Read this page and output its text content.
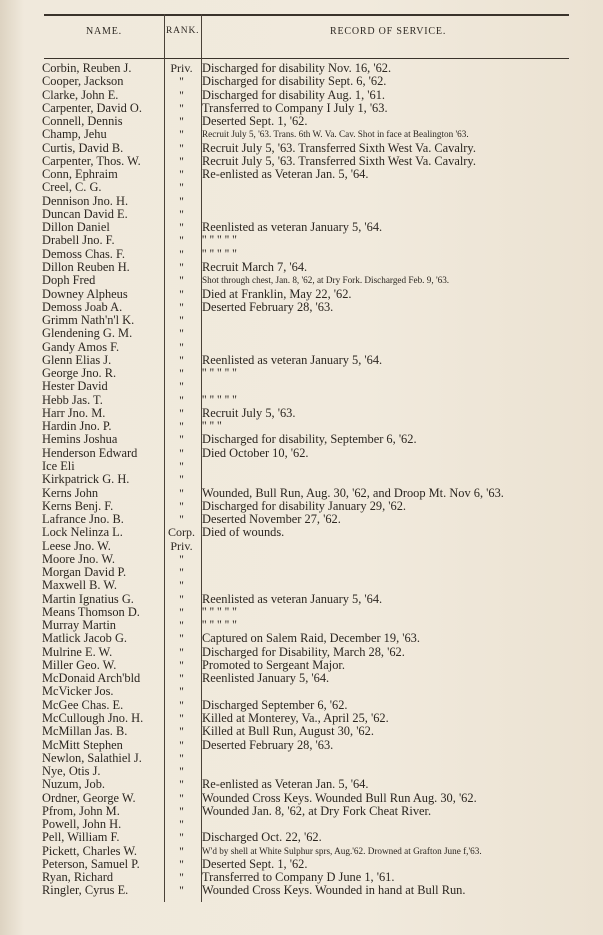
NAME.	RANK.	RECORD OF SERVICE.
Corbin, Reuben J.	Priv. Discharged for disability Nov. 16, '62.
Cooper, Jackson	''	Discharged for disability Sept. 6, '62.
Clarke, John E.	''	Discharged for disability Aug. 1, '61.
Carpenter, David O.	''	Transferred to Company I July 1, '63.
Connell, Dennis	''	Deserted Sept. 1, '62.
Champ, Jehu	''	Recruit July 5, '63. Trans. 6th W. Va. Cav. Shot in face at Bealington '63.
Curtis, David B.	''	Recruit July 5, '63. Transferred Sixth West Va. Cavalry.
Carpenter, Thos. W.	''	Recruit July 5, '63. Transferred Sixth West Va. Cavalry.
Conn, Ephraim	''	Re-enlisted as Veteran Jan. 5, '64.
Creel, C. G.	''
Dennison Jno. H.	''
Duncan David E.	''
Dillon Daniel	''	Reenlisted as veteran January 5, '64.
Drabell Jno. F.	''	'' '' '' '' ''
Demoss Chas. F.	''	'' '' '' '' ''
Dillon Reuben H.	''	Recruit March 7, '64.
Doph Fred	''	Shot through chest, Jan. 8, '62, at Dry Fork. Discharged Feb. 9, '63.
Downey Alpheus	''	Died at Franklin, May 22, '62.
Demoss Joab A.	''	Deserted February 28, '63.
Grimm Nath'n'l K.	''
Glendening G. M.	''
Gandy Amos F.	''
Glenn Elias J.	''	Reenlisted as veteran January 5, '64.
George Jno. R.	''	'' '' '' '' ''
Hester David	''
Hebb Jas. T.	''	'' '' '' '' ''
Harr Jno. M.	''	Recruit July 5, '63.
Hardin Jno. P.	''	'' '' ''
Hemins Joshua	''	Discharged for disability, September 6, '62.
Henderson Edward	''	Died October 10, '62.
Ice Eli	''
Kirkpatrick G. H.	''
Kerns John	''	Wounded, Bull Run, Aug. 30, '62, and Droop Mt. Nov 6, '63.
Kerns Benj. F.	''	Discharged for disability January 29, '62.
Lafrance Jno. B.	''	Deserted November 27, '62.
Lock Nelinza L.	Corp. Died of wounds.
Leese Jno. W.	Priv.
Moore Jno. W.	''
Morgan David P.	''
Maxwell B. W.	''
Martin Ignatius G.	''	Reenlisted as veteran January 5, '64.
Means Thomson D.	''	'' '' '' '' ''
Murray Martin	''	'' '' '' '' ''
Matlick Jacob G.	''	Captured on Salem Raid, December 19, '63.
Mulrine E. W.	''	Discharged for Disability, March 28, '62.
Miller Geo. W.	''	Promoted to Sergeant Major.
McDonaid Arch'bld	''	Reenlisted January 5, '64.
McVicker Jos.	''
McGee Chas. E.	''	Discharged September 6, '62.
McCullough Jno. H.	''	Killed at Monterey, Va., April 25, '62.
McMillan Jas. B.	''	Killed at Bull Run, August 30, '62.
McMitt Stephen	''	Deserted February 28, '63.
Newlon, Salathiel J.	''
Nye, Otis J.	''
Nuzum, Job.	''	Re-enlisted as Veteran Jan. 5, '64.
Ordner, George W.	''	Wounded Cross Keys. Wounded Bull Run Aug. 30, '62.
Pfrom, John M.	''	Wounded Jan. 8, '62, at Dry Fork Cheat River.
Powell, John H.	''
Pell, William F.	''	Discharged Oct. 22, '62.
Pickett, Charles W.	''	W'd by shell at White Sulphur sprs, Aug.'62. Drowned at Grafton June f,'63.
Peterson, Samuel P.	''	Deserted Sept. 1, '62.
Ryan, Richard	''	Transferred to Company D June 1, '61.
Ringler, Cyrus E.	''	Wounded Cross Keys. Wounded in hand at Bull Run.
